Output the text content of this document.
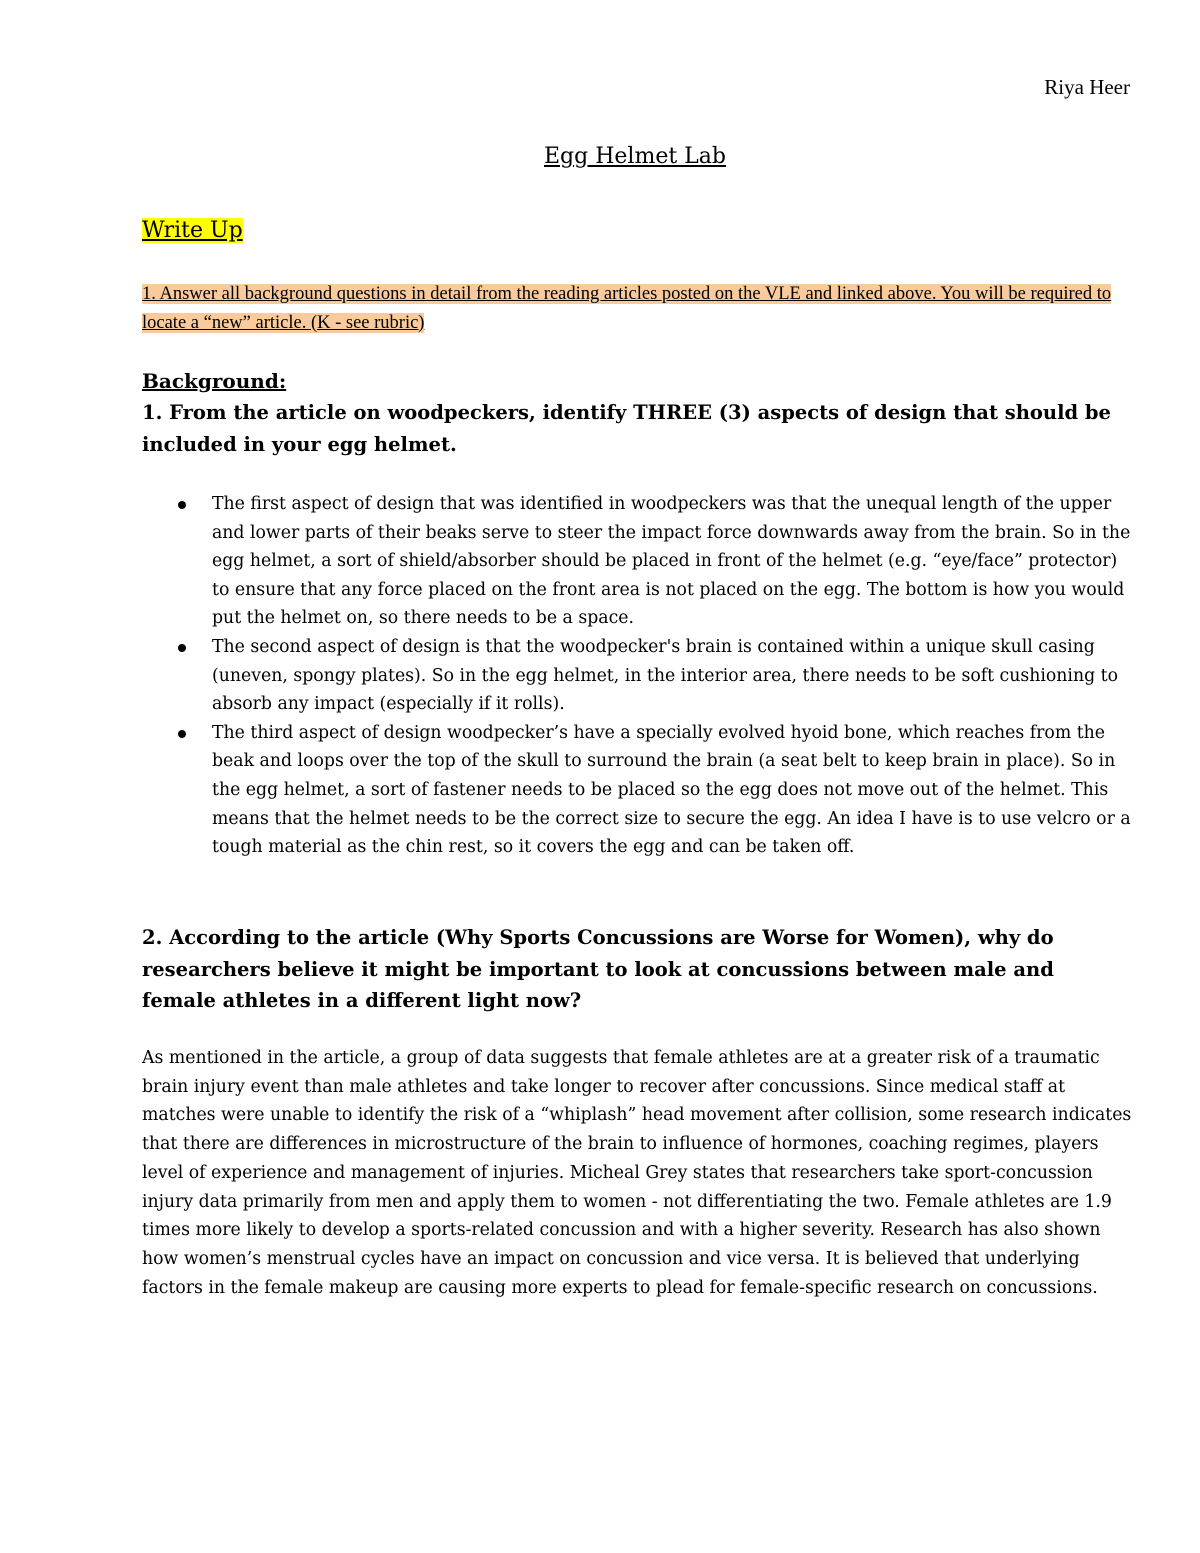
Riya Heer
Egg Helmet Lab
Write Up
1. Answer all background questions in detail from the reading articles posted on the VLE and linked above. You will be required to locate a “new” article. (K - see rubric)
Background:

1. From the article on woodpeckers, identify THREE (3) aspects of design that should be included in your egg helmet.

The first aspect of design that was identified in woodpeckers was that the unequal length of the upper and lower parts of their beaks serve to steer the impact force downwards away from the brain. So in the egg helmet, a sort of shield/absorber should be placed in front of the helmet (e.g. “eye/face” protector) to ensure that any force placed on the front area is not placed on the egg. The bottom is how you would put the helmet on, so there needs to be a space.
The second aspect of design is that the woodpecker's brain is contained within a unique skull casing (uneven, spongy plates). So in the egg helmet, in the interior area, there needs to be soft cushioning to absorb any impact (especially if it rolls).
The third aspect of design woodpecker’s have a specially evolved hyoid bone, which reaches from the beak and loops over the top of the skull to surround the brain (a seat belt to keep brain in place). So in the egg helmet, a sort of fastener needs to be placed so the egg does not move out of the helmet. This means that the helmet needs to be the correct size to secure the egg. An idea I have is to use velcro or a tough material as the chin rest, so it covers the egg and can be taken off.

2. According to the article (Why Sports Concussions are Worse for Women), why do researchers believe it might be important to look at concussions between male and female athletes in a different light now?

As mentioned in the article, a group of data suggests that female athletes are at a greater risk of a traumatic brain injury event than male athletes and take longer to recover after concussions. Since medical staff at matches were unable to identify the risk of a “whiplash” head movement after collision, some research indicates that there are differences in microstructure of the brain to influence of hormones, coaching regimes, players level of experience and management of injuries. Micheal Grey states that researchers take sport-concussion injury data primarily from men and apply them to women - not differentiating the two. Female athletes are 1.9 times more likely to develop a sports-related concussion and with a higher severity. Research has also shown how women’s menstrual cycles have an impact on concussion and vice versa. It is believed that underlying factors in the female makeup are causing more experts to plead for female-specific research on concussions.
